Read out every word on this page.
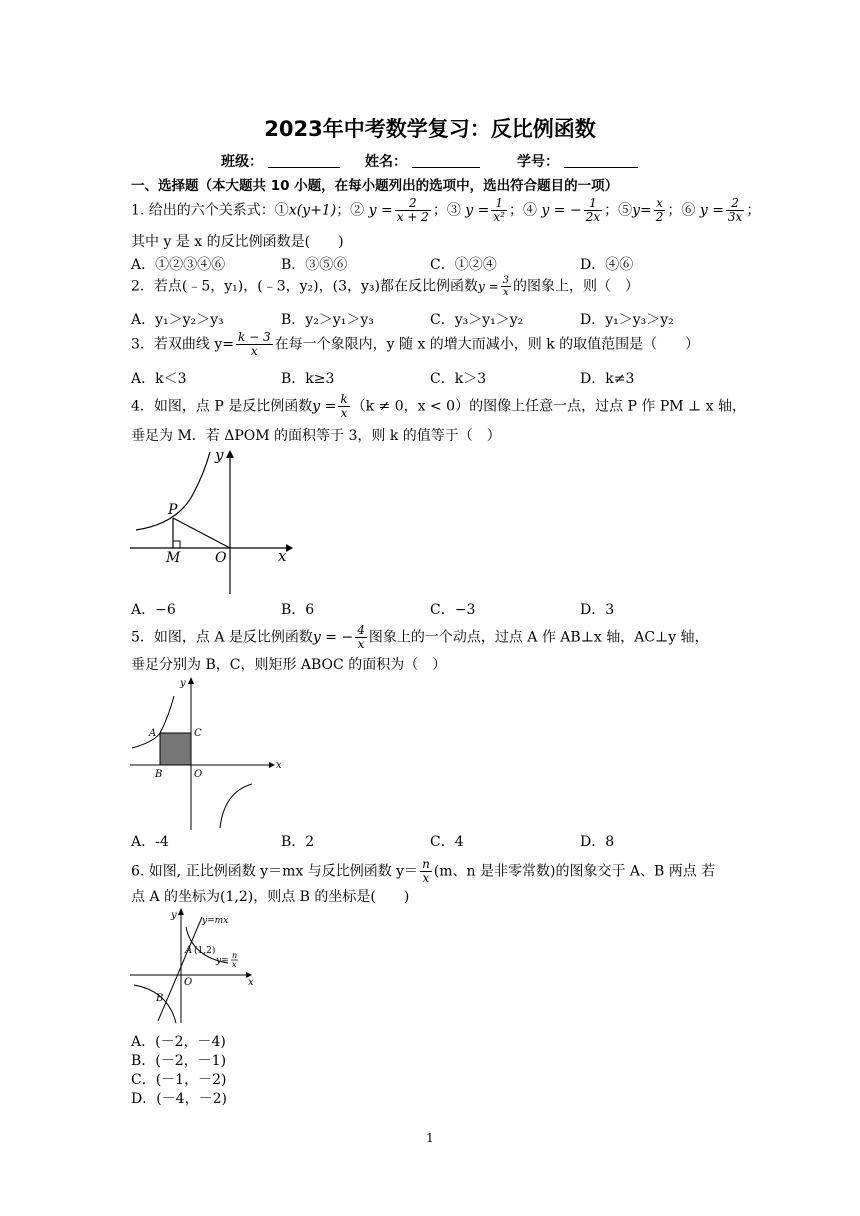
2023年中考数学复习：反比例函数
班级：	姓名：	学号：
一、选择题（本大题共 10 小题，在每小题列出的选项中，选出符合题目的一项）
1. 给出的六个关系式：①x(y+1)；② $y = \frac{2}{x + 2}$ ；③ $y = \frac{1}{\text{x²}}$ ；④ y = − $\frac{1}{2x}$ ；⑤y= $\frac{x}{2}$ ；⑥ $y = \frac{2}{3x}$ ；
其中 y 是 x 的反比例函数是(　　)
A．①②③④⑥	B．③⑤⑥	C．①②④	D．④⑥
2．若点(﹣5，y₁)，(﹣3，y₂)，(3，y₃)都在反比例函数$y = \frac{3}{x}$ 的图象上，则（　）
A．y₁＞y₂＞y₃	B．y₂＞y₁＞y₃	C．y₃＞y₁＞y₂	D．y₁＞y₃＞y₂
3．若双曲线 $y= \frac{k - 3}{x}$ 在每一个象限内，y 随 x 的增大而减小，则 k 的取值范围是（　　）
A．k＜3	B．k≥3	C．k＞3	D．k≠3
4．如图，点 P 是反比例函数$y = \frac{k}{x} (k \ne 0$，x < 0）的图像上任意一点，过点 P 作 PM ⊥ x 轴，
垂足为 M．若 ΔPOM 的面积等于 3，则 k 的值等于（　）
y
x
P
M O
A．−6	B．6	C．−3	D．3
5．如图，点 A 是反比例函数y = − $\frac{4}{x}$ 图象上的一个动点，过点 A 作 AB⊥x 轴，AC⊥y 轴，
垂足分别为 B，C，则矩形 ABOC 的面积为（　）
y
x
A	C
B	O
A．-4	B．2	C．4	D．8
6. 如图, 正比例函数 y＝mx 与反比例函数 $y= \frac{n}{x} (m$、n 是非零常数)的图象交于 A、B 两点 若
点 A 的坐标为(1,2)，则点 B 的坐标是(　　)
y
x
y=mx
A (1,2)
y=
n
x
O
B
A．(－2，－4)
B．(－2，－1)
C．(－1，－2)
D．(－4，－2)
1
